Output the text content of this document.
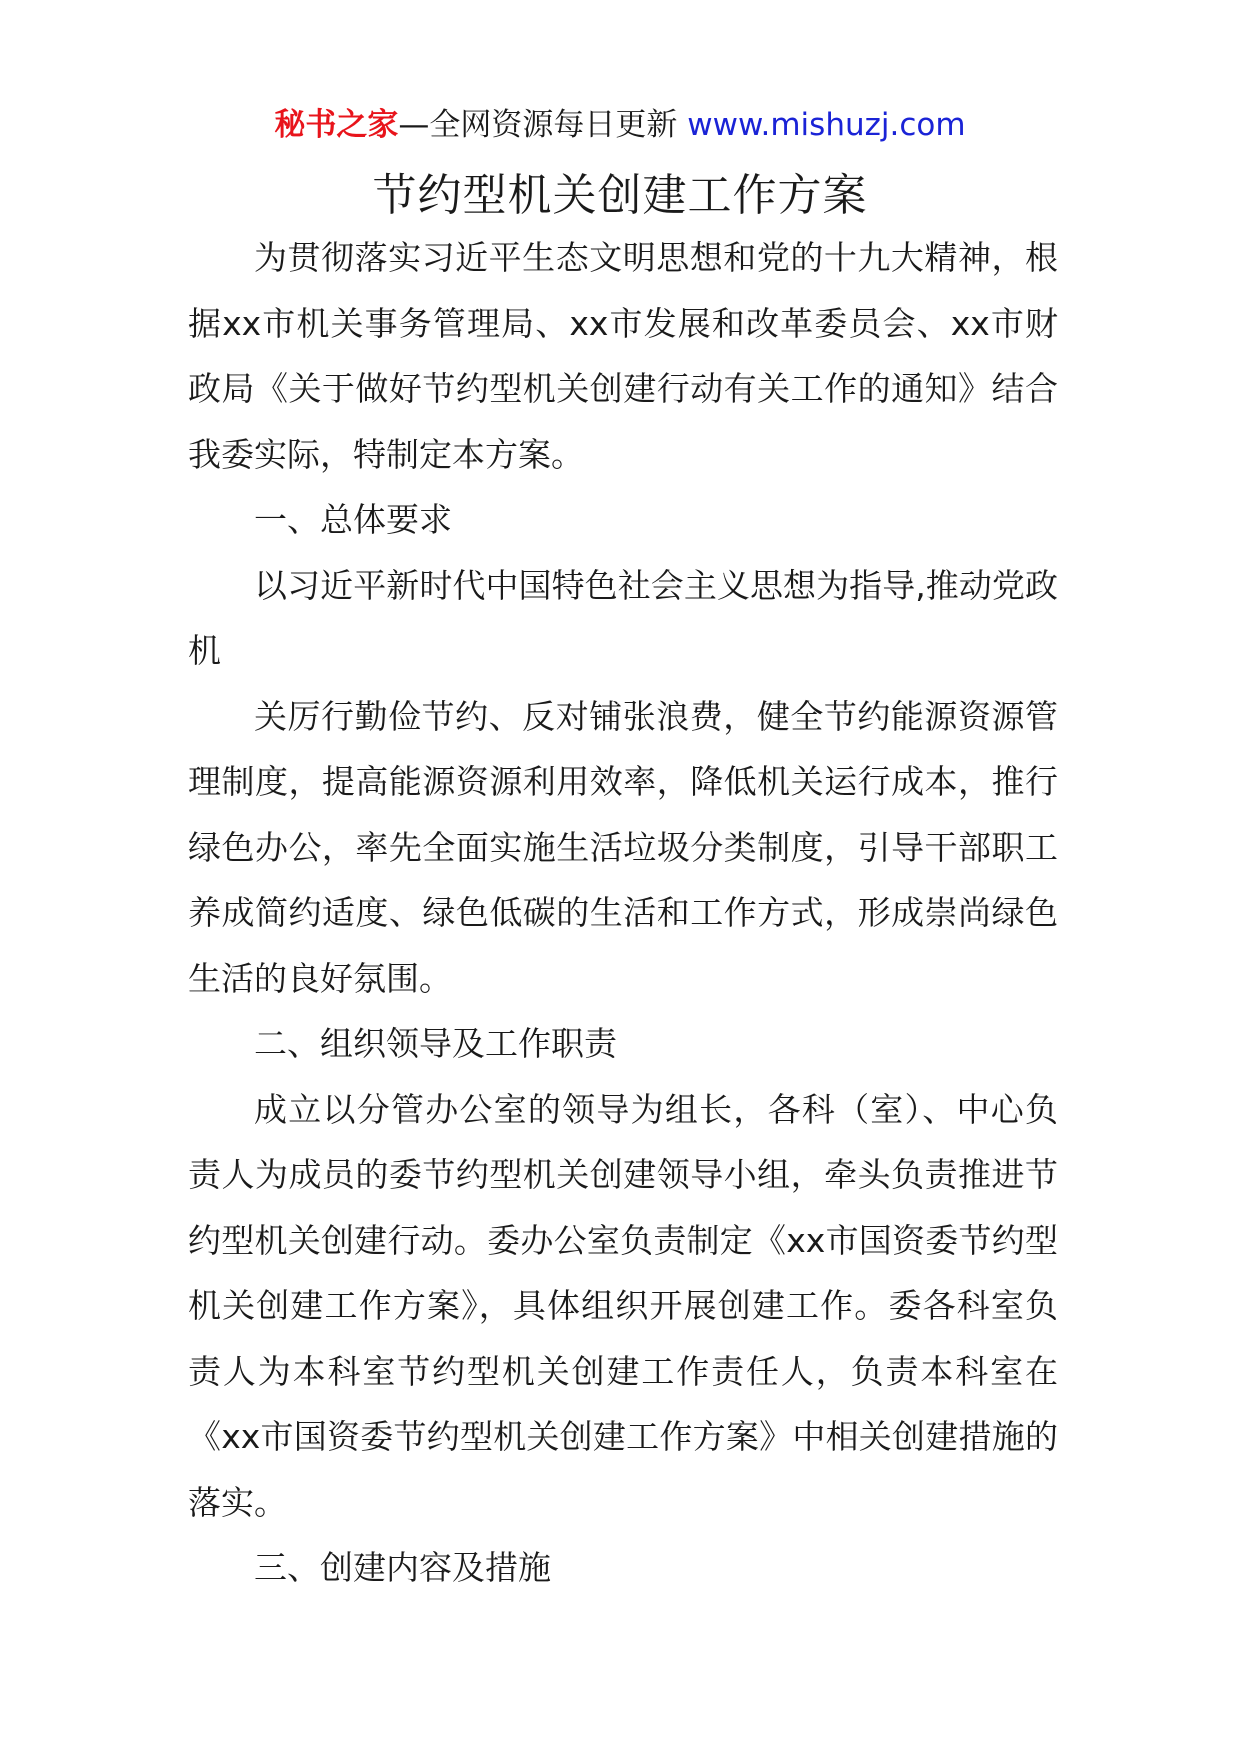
秘书之家—全网资源每日更新 www.mishuzj.com
节约型机关创建工作方案

为贯彻落实习近平生态文明思想和党的十九大精神，根据xx市机关事务管理局、xx市发展和改革委员会、xx市财政局《关于做好节约型机关创建行动有关工作的通知》结合我委实际，特制定本方案。

一、总体要求

以习近平新时代中国特色社会主义思想为指导,推动党政机

关厉行勤俭节约、反对铺张浪费，健全节约能源资源管理制度，提高能源资源利用效率，降低机关运行成本，推行绿色办公，率先全面实施生活垃圾分类制度，引导干部职工养成简约适度、绿色低碳的生活和工作方式，形成崇尚绿色生活的良好氛围。

二、组织领导及工作职责

成立以分管办公室的领导为组长，各科（室）、中心负责人为成员的委节约型机关创建领导小组，牵头负责推进节约型机关创建行动。委办公室负责制定《xx市国资委节约型机关创建工作方案》，具体组织开展创建工作。委各科室负责人为本科室节约型机关创建工作责任人，负责本科室在《xx市国资委节约型机关创建工作方案》中相关创建措施的落实。

三、创建内容及措施
